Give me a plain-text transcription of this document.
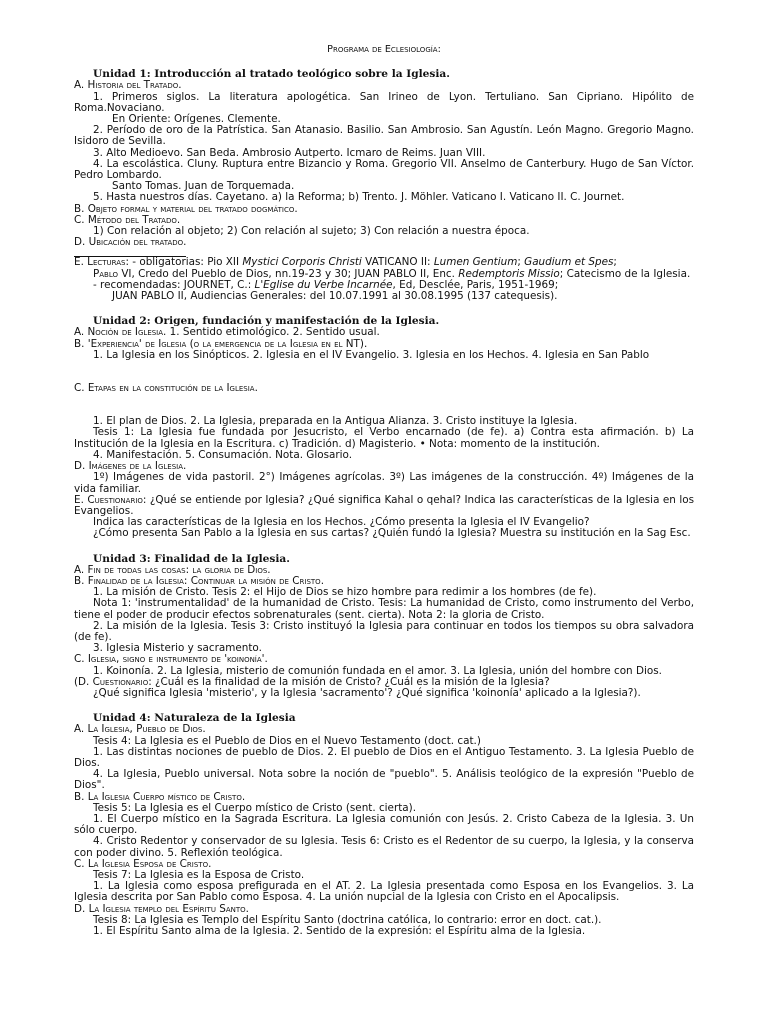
Programa de Eclesiología:

Unidad 1: Introducción al tratado teológico sobre la Iglesia.

A. Historia del Tratado.

1. Primeros siglos. La literatura apologética. San Irineo de Lyon. Tertuliano. San Cipriano. Hipólito de Roma.Novaciano.

En Oriente: Orígenes. Clemente.

2. Período de oro de la Patrística. San Atanasio. Basilio. San Ambrosio. San Agustín. León Magno. Gregorio Magno. Isidoro de Sevilla.

3. Alto Medioevo. San Beda. Ambrosio Autperto. Icmaro de Reims. Juan VIII.

4. La escolástica. Cluny. Ruptura entre Bizancio y Roma. Gregorio VII. Anselmo de Canterbury. Hugo de San Víctor. Pedro Lombardo.

Santo Tomas. Juan de Torquemada.

5. Hasta nuestros días. Cayetano. a) la Reforma; b) Trento. J. Möhler. Vaticano I. Vaticano II. C. Journet.

B. Objeto formal y material del tratado dogmático.

C. Método del Tratado.

1) Con relación al objeto; 2) Con relación al sujeto; 3) Con relación a nuestra época.

D. Ubicación del tratado.

E. Lecturas: - obligatorias: Pio XII Mystici Corporis Christi VATICANO II: Lumen Gentium; Gaudium et Spes;

Pablo VI, Credo del Pueblo de Dios, nn.19-23 y 30; JUAN PABLO II, Enc. Redemptoris Missio; Catecismo de la Iglesia.

- recomendadas: JOURNET, C.: L'Eglise du Verbe Incarnée, Ed, Desclée, Paris, 1951-1969;

JUAN PABLO II, Audiencias Generales: del 10.07.1991 al 30.08.1995 (137 catequesis).

Unidad 2: Origen, fundación y manifestación de la Iglesia.

A. Noción de Iglesia. 1. Sentido etimológico. 2. Sentido usual.

B. 'Experiencia' de Iglesia (o la emergencia de la Iglesia en el NT).

1. La Iglesia en los Sinópticos. 2. Iglesia en el IV Evangelio. 3. Iglesia en los Hechos. 4. Iglesia en San Pablo

C. Etapas en la constitución de la Iglesia.

1. El plan de Dios. 2. La Iglesia, preparada en la Antigua Alianza. 3. Cristo instituye la Iglesia.

Tesis 1: La Iglesia fue fundada por Jesucristo, el Verbo encarnado (de fe). a) Contra esta afirmación. b) La Institución de la Iglesia en la Escritura. c) Tradición. d) Magisterio. • Nota: momento de la institución.

4. Manifestación. 5. Consumación. Nota. Glosario.

D. Imágenes de la Iglesia.

1º) Imágenes de vida pastoril. 2°) Imágenes agrícolas. 3º) Las imágenes de la construcción. 4º) Imágenes de la vida familiar.

E. Cuestionario: ¿Qué se entiende por Iglesia? ¿Qué significa Kahal o qehal? Indica las características de la Iglesia en los Evangelios.

Indica las características de la Iglesia en los Hechos. ¿Cómo presenta la Iglesia el IV Evangelio?

¿Cómo presenta San Pablo a la Iglesia en sus cartas? ¿Quién fundó la Iglesia? Muestra su institución en la Sag Esc.

Unidad 3: Finalidad de la Iglesia.

A. Fin de todas las cosas: la gloria de Dios.

B. Finalidad de la Iglesia: Continuar la misión de Cristo.

1. La misión de Cristo. Tesis 2: el Hijo de Dios se hizo hombre para redimir a los hombres (de fe).

Nota 1: 'instrumentalidad' de la humanidad de Cristo. Tesis: La humanidad de Cristo, como instrumento del Verbo, tiene el poder de producir efectos sobrenaturales (sent. cierta). Nota 2: la gloria de Cristo.

2. La misión de la Iglesia. Tesis 3: Cristo instituyó la Iglesia para continuar en todos los tiempos su obra salvadora (de fe).

3. Iglesia Misterio y sacramento.

C. Iglesia, signo e instrumento de 'koinonía'.

1. Koinonía. 2. La Iglesia, misterio de comunión fundada en el amor. 3. La Iglesia, unión del hombre con Dios.

(D. Cuestionario: ¿Cuál es la finalidad de la misión de Cristo? ¿Cuál es la misión de la Iglesia?

¿Qué significa Iglesia 'misterio', y la Iglesia 'sacramento'? ¿Qué significa 'koinonía' aplicado a la Iglesia?).

Unidad 4: Naturaleza de la Iglesia

A. La Iglesia, Pueblo de Dios.

Tesis 4: La Iglesia es el Pueblo de Dios en el Nuevo Testamento (doct. cat.)

1. Las distintas nociones de pueblo de Dios. 2. El pueblo de Dios en el Antiguo Testamento. 3. La Iglesia Pueblo de Dios.

4. La Iglesia, Pueblo universal. Nota sobre la noción de "pueblo". 5. Análisis teológico de la expresión "Pueblo de Dios".

B. La Iglesia Cuerpo místico de Cristo.

Tesis 5: La Iglesia es el Cuerpo místico de Cristo (sent. cierta).

1. El Cuerpo místico en la Sagrada Escritura. La Iglesia comunión con Jesús. 2. Cristo Cabeza de la Iglesia. 3. Un sólo cuerpo.

4. Cristo Redentor y conservador de su Iglesia. Tesis 6: Cristo es el Redentor de su cuerpo, la Iglesia, y la conserva con poder divino. 5. Reflexión teológica.

C. La Iglesia Esposa de Cristo.

Tesis 7: La Iglesia es la Esposa de Cristo.

1. La Iglesia como esposa prefigurada en el AT. 2. La Iglesia presentada como Esposa en los Evangelios. 3. La Iglesia descrita por San Pablo como Esposa. 4. La unión nupcial de la Iglesia con Cristo en el Apocalipsis.

D. La Iglesia templo del Espíritu Santo.

Tesis 8: La Iglesia es Templo del Espíritu Santo (doctrina católica, lo contrario: error en doct. cat.).

1. El Espíritu Santo alma de la Iglesia. 2. Sentido de la expresión: el Espíritu alma de la Iglesia.
